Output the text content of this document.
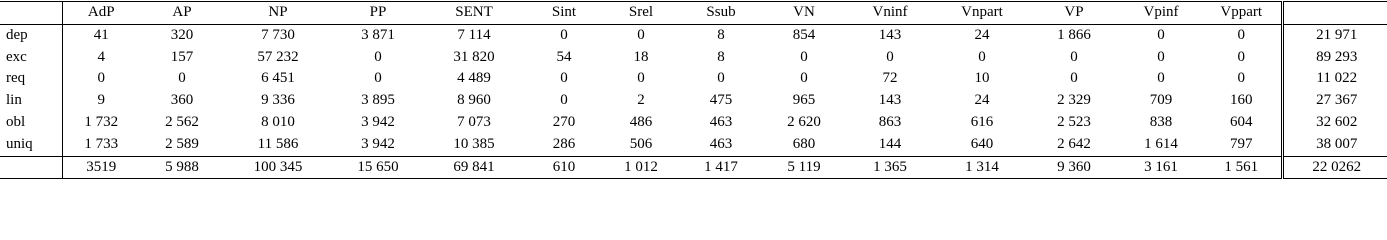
	AdP	AP	NP	PP	SENT	Sint	Srel	Ssub	VN	Vninf	Vnpart	VP	Vpinf	Vppart	
dep	41	320	7 730	3 871	7 114	0	0	8	854	143	24	1 866	0	0	21 971
exc	4	157	57 232	0	31 820	54	18	8	0	0	0	0	0	0	89 293
req	0	0	6 451	0	4 489	0	0	0	0	72	10	0	0	0	11 022
lin	9	360	9 336	3 895	8 960	0	2	475	965	143	24	2 329	709	160	27 367
obl	1 732	2 562	8 010	3 942	7 073	270	486	463	2 620	863	616	2 523	838	604	32 602
uniq	1 733	2 589	11 586	3 942	10 385	286	506	463	680	144	640	2 642	1 614	797	38 007
	3519	5 988	100 345	15 650	69 841	610	1 012	1 417	5 119	1 365	1 314	9 360	3 161	1 561	22 0262
